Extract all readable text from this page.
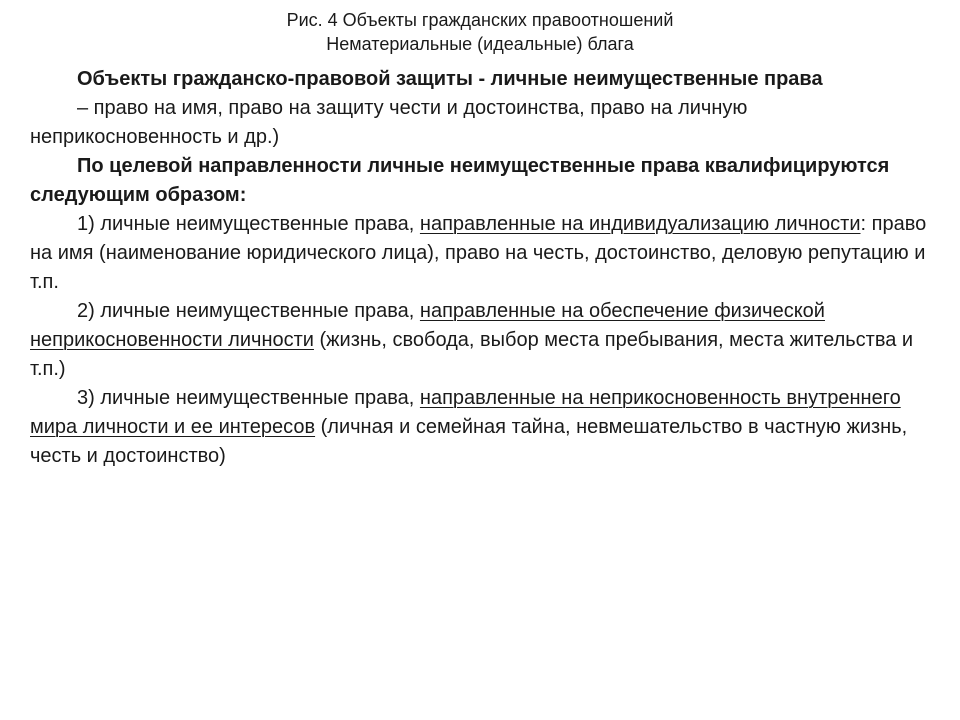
Рис. 4 Объекты гражданских правоотношений
Нематериальные (идеальные) блага

Объекты гражданско-правовой защиты - личные неимущественные права

– право на имя, право на защиту чести и достоинства, право на личную неприкосновенность и др.)

По целевой направленности личные неимущественные права квалифицируются следующим образом:

1) личные неимущественные права, направленные на индивидуализацию личности: право на имя (наименование юридического лица), право на честь, достоинство, деловую репутацию и т.п.

2) личные неимущественные права, направленные на обеспечение физической неприкосновенности личности (жизнь, свобода, выбор места пребывания, места жительства и т.п.)

3) личные неимущественные права, направленные на неприкосновенность внутреннего мира личности и ее интересов (личная и семейная тайна, невмешательство в частную жизнь, честь и достоинство)
